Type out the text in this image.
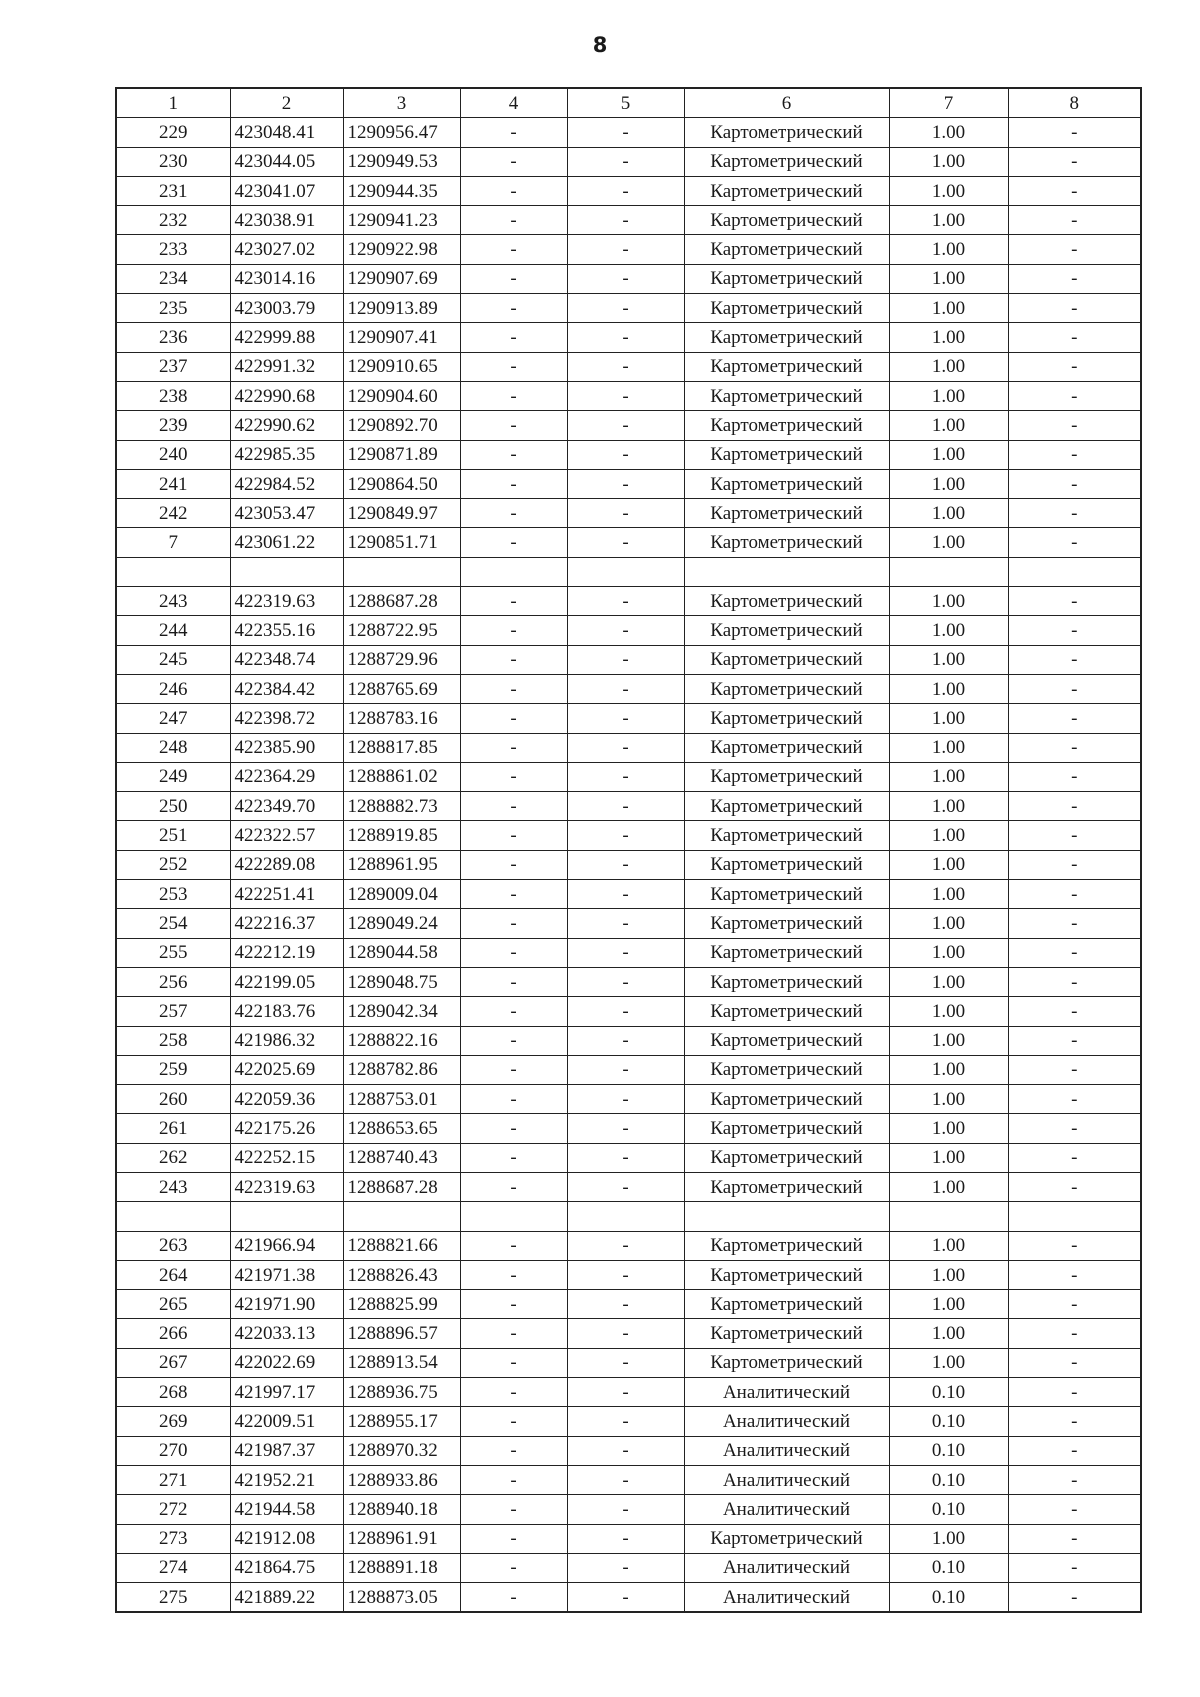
8
1	2	3	4	5	6	7	8
229	423048.41	1290956.47	-	-	Картометрический	1.00	-
230	423044.05	1290949.53	-	-	Картометрический	1.00	-
231	423041.07	1290944.35	-	-	Картометрический	1.00	-
232	423038.91	1290941.23	-	-	Картометрический	1.00	-
233	423027.02	1290922.98	-	-	Картометрический	1.00	-
234	423014.16	1290907.69	-	-	Картометрический	1.00	-
235	423003.79	1290913.89	-	-	Картометрический	1.00	-
236	422999.88	1290907.41	-	-	Картометрический	1.00	-
237	422991.32	1290910.65	-	-	Картометрический	1.00	-
238	422990.68	1290904.60	-	-	Картометрический	1.00	-
239	422990.62	1290892.70	-	-	Картометрический	1.00	-
240	422985.35	1290871.89	-	-	Картометрический	1.00	-
241	422984.52	1290864.50	-	-	Картометрический	1.00	-
242	423053.47	1290849.97	-	-	Картометрический	1.00	-
7	423061.22	1290851.71	-	-	Картометрический	1.00	-

243	422319.63	1288687.28	-	-	Картометрический	1.00	-
244	422355.16	1288722.95	-	-	Картометрический	1.00	-
245	422348.74	1288729.96	-	-	Картометрический	1.00	-
246	422384.42	1288765.69	-	-	Картометрический	1.00	-
247	422398.72	1288783.16	-	-	Картометрический	1.00	-
248	422385.90	1288817.85	-	-	Картометрический	1.00	-
249	422364.29	1288861.02	-	-	Картометрический	1.00	-
250	422349.70	1288882.73	-	-	Картометрический	1.00	-
251	422322.57	1288919.85	-	-	Картометрический	1.00	-
252	422289.08	1288961.95	-	-	Картометрический	1.00	-
253	422251.41	1289009.04	-	-	Картометрический	1.00	-
254	422216.37	1289049.24	-	-	Картометрический	1.00	-
255	422212.19	1289044.58	-	-	Картометрический	1.00	-
256	422199.05	1289048.75	-	-	Картометрический	1.00	-
257	422183.76	1289042.34	-	-	Картометрический	1.00	-
258	421986.32	1288822.16	-	-	Картометрический	1.00	-
259	422025.69	1288782.86	-	-	Картометрический	1.00	-
260	422059.36	1288753.01	-	-	Картометрический	1.00	-
261	422175.26	1288653.65	-	-	Картометрический	1.00	-
262	422252.15	1288740.43	-	-	Картометрический	1.00	-
243	422319.63	1288687.28	-	-	Картометрический	1.00	-

263	421966.94	1288821.66	-	-	Картометрический	1.00	-
264	421971.38	1288826.43	-	-	Картометрический	1.00	-
265	421971.90	1288825.99	-	-	Картометрический	1.00	-
266	422033.13	1288896.57	-	-	Картометрический	1.00	-
267	422022.69	1288913.54	-	-	Картометрический	1.00	-
268	421997.17	1288936.75	-	-	Аналитический	0.10	-
269	422009.51	1288955.17	-	-	Аналитический	0.10	-
270	421987.37	1288970.32	-	-	Аналитический	0.10	-
271	421952.21	1288933.86	-	-	Аналитический	0.10	-
272	421944.58	1288940.18	-	-	Аналитический	0.10	-
273	421912.08	1288961.91	-	-	Картометрический	1.00	-
274	421864.75	1288891.18	-	-	Аналитический	0.10	-
275	421889.22	1288873.05	-	-	Аналитический	0.10	-
